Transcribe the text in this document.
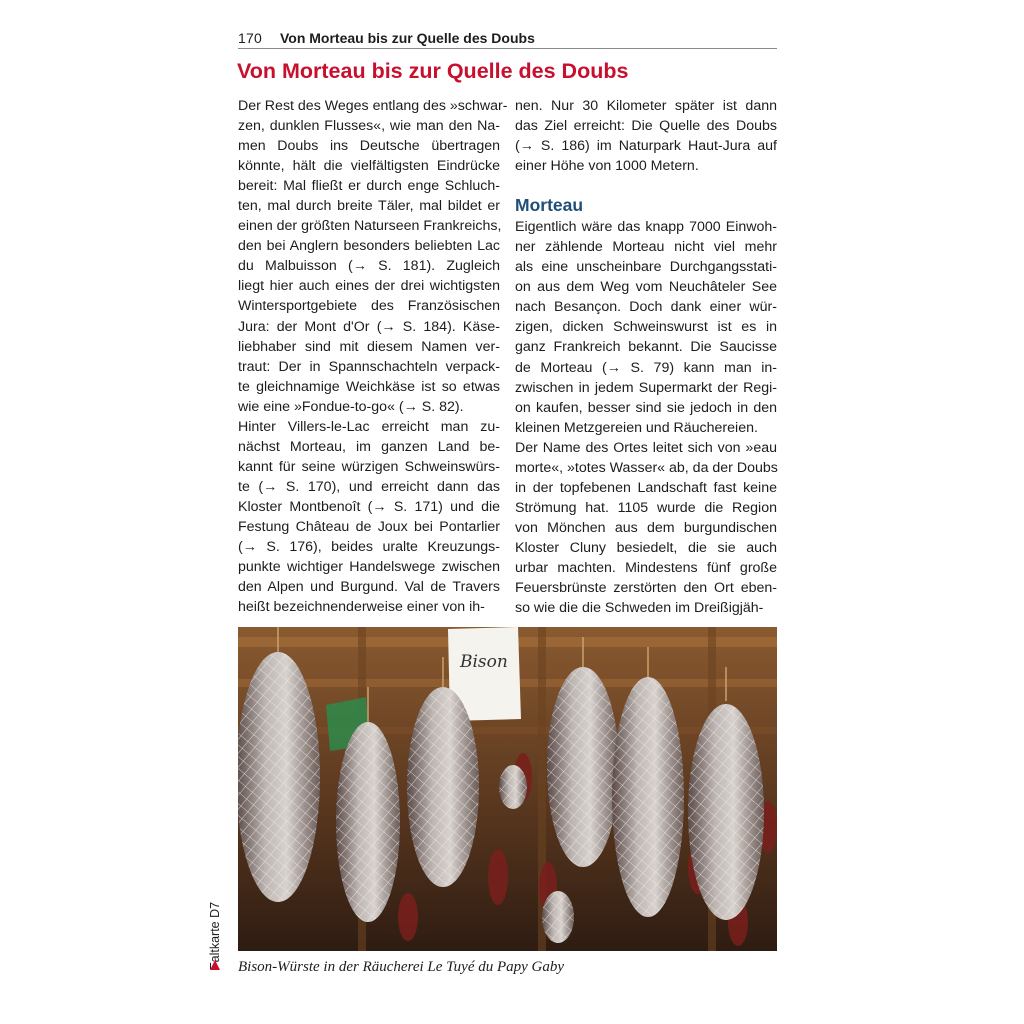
170 Von Morteau bis zur Quelle des Doubs
Von Morteau bis zur Quelle des Doubs
Der Rest des Weges entlang des »schwar-
zen, dunklen Flusses«, wie man den Na-
men Doubs ins Deutsche übertragen
könnte, hält die vielfältigsten Eindrücke
bereit: Mal fließt er durch enge Schluch-
ten, mal durch breite Täler, mal bildet er
einen der größten Naturseen Frankreichs,
den bei Anglern besonders beliebten Lac
du Malbuisson (→ S. 181). Zugleich
liegt hier auch eines der drei wichtigsten
Wintersportgebiete des Französischen
Jura: der Mont d'Or (→ S. 184). Käse-
liebhaber sind mit diesem Namen ver-
traut: Der in Spannschachteln verpack-
te gleichnamige Weichkäse ist so etwas
wie eine »Fondue-to-go« (→ S. 82).
Hinter Villers-le-Lac erreicht man zu-
nächst Morteau, im ganzen Land be-
kannt für seine würzigen Schweinswürs-
te (→ S. 170), und erreicht dann das
Kloster Montbenoît (→ S. 171) und die
Festung Château de Joux bei Pontarlier
(→ S. 176), beides uralte Kreuzungs-
punkte wichtiger Handelswege zwischen
den Alpen und Burgund. Val de Travers
heißt bezeichnenderweise einer von ih-
nen. Nur 30 Kilometer später ist dann
das Ziel erreicht: Die Quelle des Doubs
(→ S. 186) im Naturpark Haut-Jura auf
einer Höhe von 1000 Metern.
Morteau
Eigentlich wäre das knapp 7000 Einwoh-
ner zählende Morteau nicht viel mehr
als eine unscheinbare Durchgangsstati-
on aus dem Weg vom Neuchâteler See
nach Besançon. Doch dank einer wür-
zigen, dicken Schweinswurst ist es in
ganz Frankreich bekannt. Die Saucisse
de Morteau (→ S. 79) kann man in-
zwischen in jedem Supermarkt der Regi-
on kaufen, besser sind sie jedoch in den
kleinen Metzgereien und Räuchereien.
Der Name des Ortes leitet sich von »eau
morte«, »totes Wasser« ab, da der Doubs
in der topfebenen Landschaft fast keine
Strömung hat. 1105 wurde die Region
von Mönchen aus dem burgundischen
Kloster Cluny besiedelt, die sie auch
urbar machten. Mindestens fünf große
Feuersbrünste zerstörten den Ort eben-
so wie die die Schweden im Dreißigjäh-
Bison
Bison-Würste in der Räucherei Le Tuyé du Papy Gaby
Faltkarte D7
